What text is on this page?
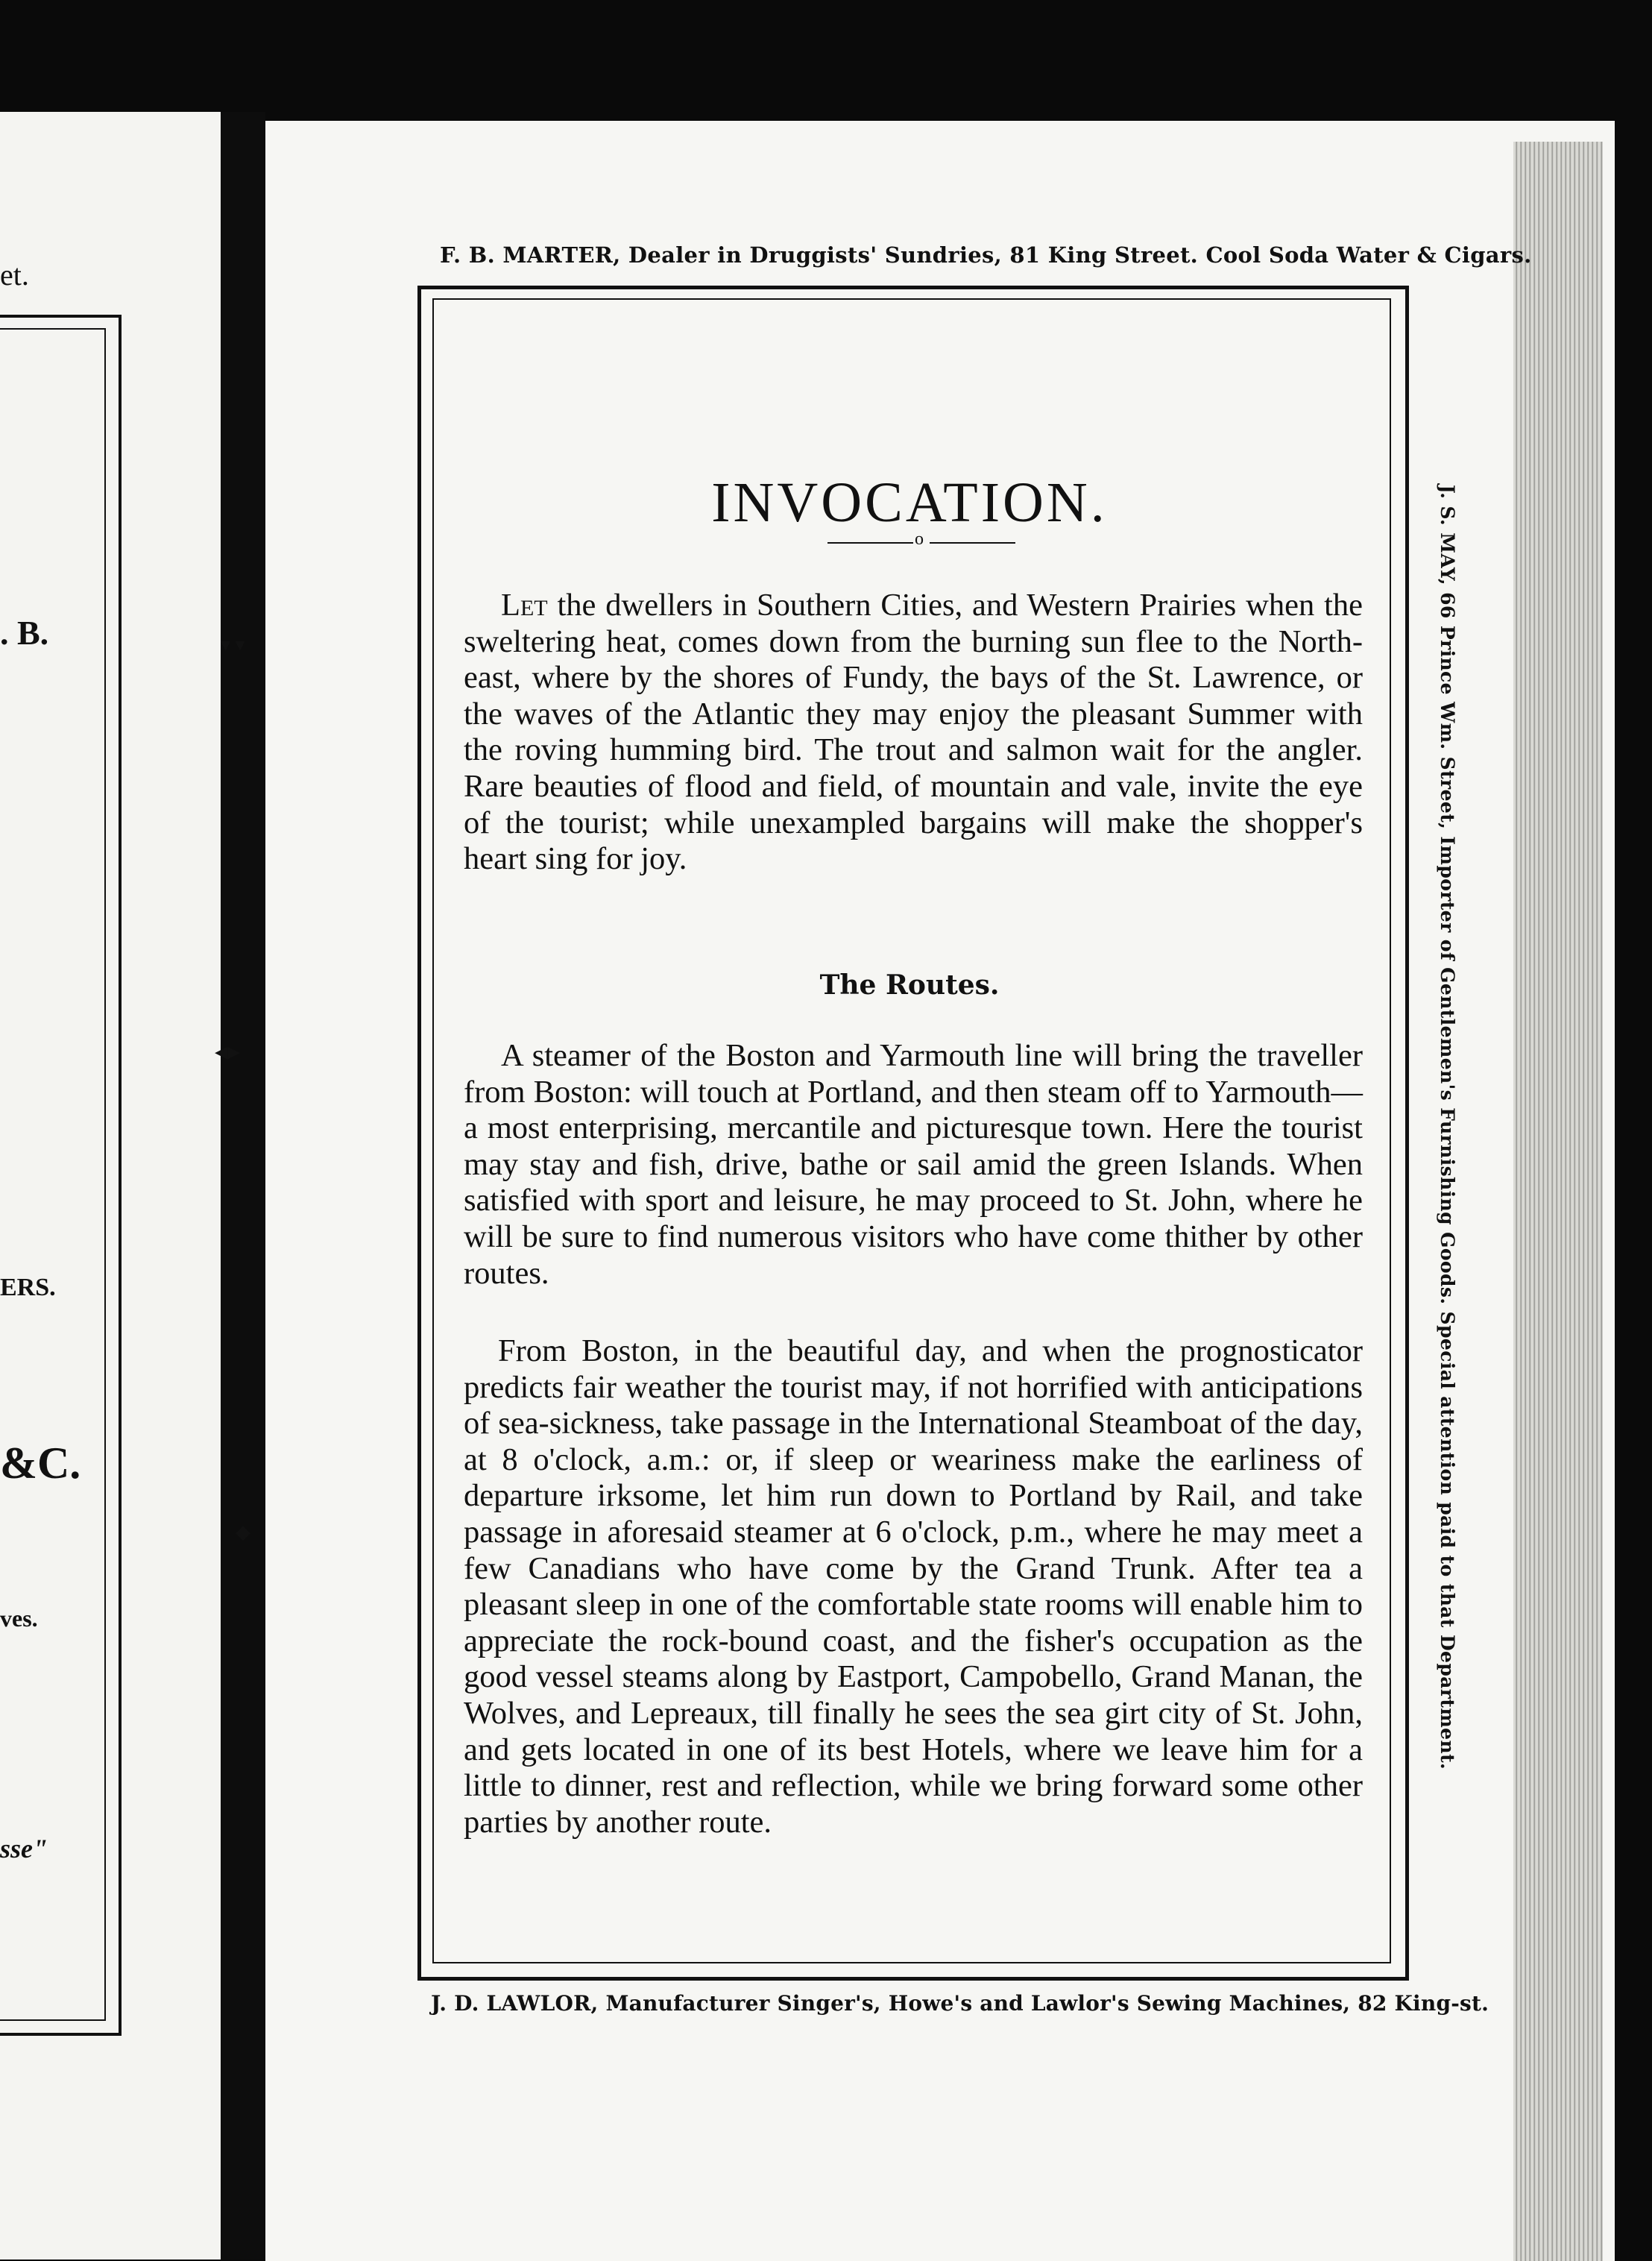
et.
. B.
ERS.
&C.
ves.
sse"
▾ ▾
◂▸
◆
F. B. MARTER, Dealer in Druggists' Sundries, 81 King Street. Cool Soda Water & Cigars.
INVOCATION.
o

Let the dwellers in Southern Cities, and Western Prairies when the sweltering heat, comes down from the burning sun flee to the North-east, where by the shores of Fundy, the bays of the St. Lawrence, or the waves of the Atlantic they may enjoy the pleasant Summer with the roving humming bird. The trout and salmon wait for the angler. Rare beauties of flood and field, of mountain and vale, invite the eye of the tourist; while unexampled bargains will make the shopper's heart sing for joy.

The Routes.

A steamer of the Boston and Yarmouth line will bring the traveller from Boston: will touch at Portland, and then steam off to Yarmouth—a most enterprising, mercantile and picturesque town. Here the tourist may stay and fish, drive, bathe or sail amid the green Islands. When satisfied with sport and leisure, he may proceed to St. John, where he will be sure to find numerous visitors who have come thither by other routes.

From Boston, in the beautiful day, and when the prognosticator predicts fair weather the tourist may, if not horrified with anticipations of sea-sickness, take passage in the International Steamboat of the day, at 8 o'clock, a.m.: or, if sleep or weariness make the earliness of departure irksome, let him run down to Portland by Rail, and take passage in aforesaid steamer at 6 o'clock, p.m., where he may meet a few Canadians who have come by the Grand Trunk. After tea a pleasant sleep in one of the comfortable state rooms will enable him to appreciate the rock-bound coast, and the fisher's occupation as the good vessel steams along by Eastport, Campobello, Grand Manan, the Wolves, and Lepreaux, till finally he sees the sea girt city of St. John, and gets located in one of its best Hotels, where we leave him for a little to dinner, rest and reflection, while we bring forward some other parties by another route.

J. S. MAY, 66 Prince Wm. Street, Importer of Gentlemen's Furnishing Goods. Special attention paid to that Department.
J. D. LAWLOR, Manufacturer Singer's, Howe's and Lawlor's Sewing Machines, 82 King-st.
